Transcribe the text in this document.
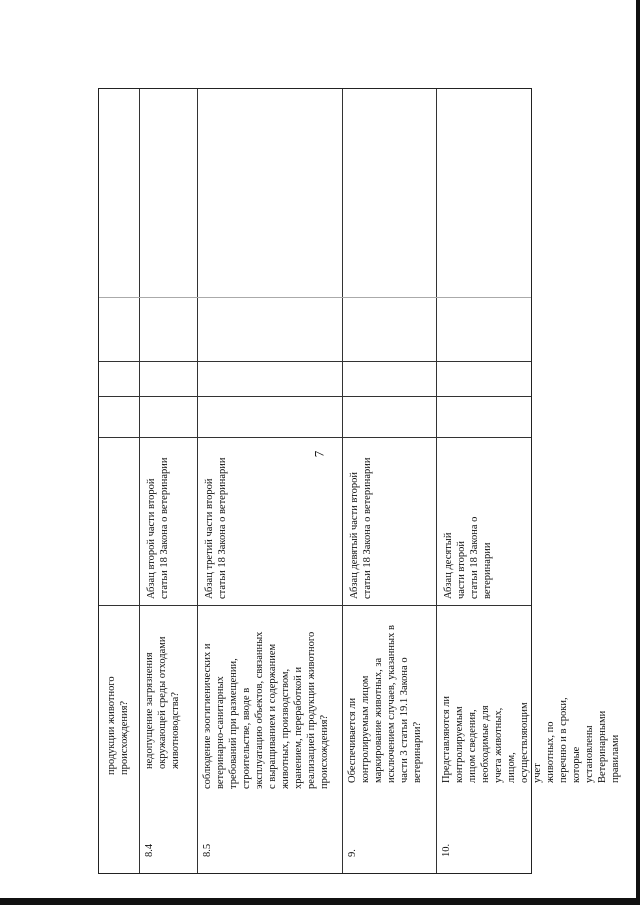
7
продукции животного
происхождения?
8.4
недопущение загрязнения
окружающей среды отходами
животноводства?
Абзац второй части второй
статьи 18 Закона о ветеринарии
8.5
соблюдение зоогигиенических и
ветеринарно-санитарных
требований при размещении,
строительстве, вводе в
эксплуатацию объектов, связанных
с выращиванием и содержанием
животных, производством,
хранением, переработкой и
реализацией продукции животного
происхождения?
Абзац третий части второй
статьи 18 Закона о ветеринарии
9.
Обеспечивается ли
контролируемым лицом
маркирование животных, за
исключением случаев, указанных в
части 3 статьи 19.1 Закона о
ветеринарии?
Абзац девятый части второй
статьи 18 Закона о ветеринарии
10.
Представляются ли
контролируемым лицом сведения,
необходимые для учета животных,
лицом, осуществляющим учет
животных, по перечню и в сроки,
которые установлены
Ветеринарными правилами
Абзац десятый части второй
статьи 18 Закона о ветеринарии
